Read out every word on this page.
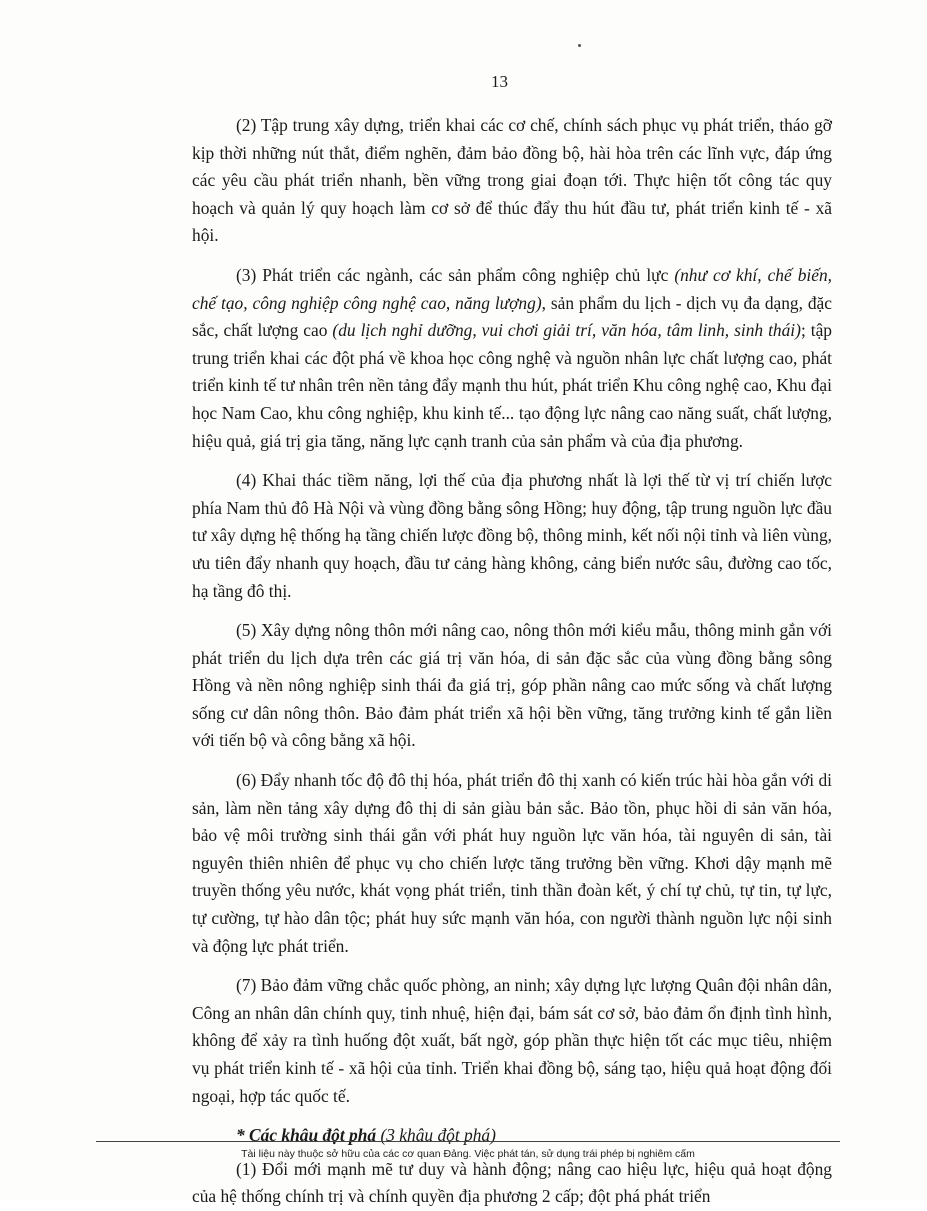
13

(2) Tập trung xây dựng, triển khai các cơ chế, chính sách phục vụ phát triển, tháo gỡ kịp thời những nút thắt, điểm nghẽn, đảm bảo đồng bộ, hài hòa trên các lĩnh vực, đáp ứng các yêu cầu phát triển nhanh, bền vững trong giai đoạn tới. Thực hiện tốt công tác quy hoạch và quản lý quy hoạch làm cơ sở để thúc đẩy thu hút đầu tư, phát triển kinh tế - xã hội.

(3) Phát triển các ngành, các sản phẩm công nghiệp chủ lực (như cơ khí, chế biến, chế tạo, công nghiệp công nghệ cao, năng lượng), sản phẩm du lịch - dịch vụ đa dạng, đặc sắc, chất lượng cao (du lịch nghỉ dưỡng, vui chơi giải trí, văn hóa, tâm linh, sinh thái); tập trung triển khai các đột phá về khoa học công nghệ và nguồn nhân lực chất lượng cao, phát triển kinh tế tư nhân trên nền tảng đẩy mạnh thu hút, phát triển Khu công nghệ cao, Khu đại học Nam Cao, khu công nghiệp, khu kinh tế... tạo động lực nâng cao năng suất, chất lượng, hiệu quả, giá trị gia tăng, năng lực cạnh tranh của sản phẩm và của địa phương.

(4) Khai thác tiềm năng, lợi thế của địa phương nhất là lợi thế từ vị trí chiến lược phía Nam thủ đô Hà Nội và vùng đồng bằng sông Hồng; huy động, tập trung nguồn lực đầu tư xây dựng hệ thống hạ tầng chiến lược đồng bộ, thông minh, kết nối nội tỉnh và liên vùng, ưu tiên đẩy nhanh quy hoạch, đầu tư cảng hàng không, cảng biển nước sâu, đường cao tốc, hạ tầng đô thị.

(5) Xây dựng nông thôn mới nâng cao, nông thôn mới kiểu mẫu, thông minh gắn với phát triển du lịch dựa trên các giá trị văn hóa, di sản đặc sắc của vùng đồng bằng sông Hồng và nền nông nghiệp sinh thái đa giá trị, góp phần nâng cao mức sống và chất lượng sống cư dân nông thôn. Bảo đảm phát triển xã hội bền vững, tăng trưởng kinh tế gắn liền với tiến bộ và công bằng xã hội.

(6) Đẩy nhanh tốc độ đô thị hóa, phát triển đô thị xanh có kiến trúc hài hòa gắn với di sản, làm nền tảng xây dựng đô thị di sản giàu bản sắc. Bảo tồn, phục hồi di sản văn hóa, bảo vệ môi trường sinh thái gắn với phát huy nguồn lực văn hóa, tài nguyên di sản, tài nguyên thiên nhiên để phục vụ cho chiến lược tăng trưởng bền vững. Khơi dậy mạnh mẽ truyền thống yêu nước, khát vọng phát triển, tinh thần đoàn kết, ý chí tự chủ, tự tin, tự lực, tự cường, tự hào dân tộc; phát huy sức mạnh văn hóa, con người thành nguồn lực nội sinh và động lực phát triển.

(7) Bảo đảm vững chắc quốc phòng, an ninh; xây dựng lực lượng Quân đội nhân dân, Công an nhân dân chính quy, tinh nhuệ, hiện đại, bám sát cơ sở, bảo đảm ổn định tình hình, không để xảy ra tình huống đột xuất, bất ngờ, góp phần thực hiện tốt các mục tiêu, nhiệm vụ phát triển kinh tế - xã hội của tỉnh. Triển khai đồng bộ, sáng tạo, hiệu quả hoạt động đối ngoại, hợp tác quốc tế.

* Các khâu đột phá (3 khâu đột phá)

(1) Đổi mới mạnh mẽ tư duy và hành động; nâng cao hiệu lực, hiệu quả hoạt động của hệ thống chính trị và chính quyền địa phương 2 cấp; đột phá phát triển

Tài liệu này thuộc sở hữu của các cơ quan Đảng. Việc phát tán, sử dụng trái phép bị nghiêm cấm
